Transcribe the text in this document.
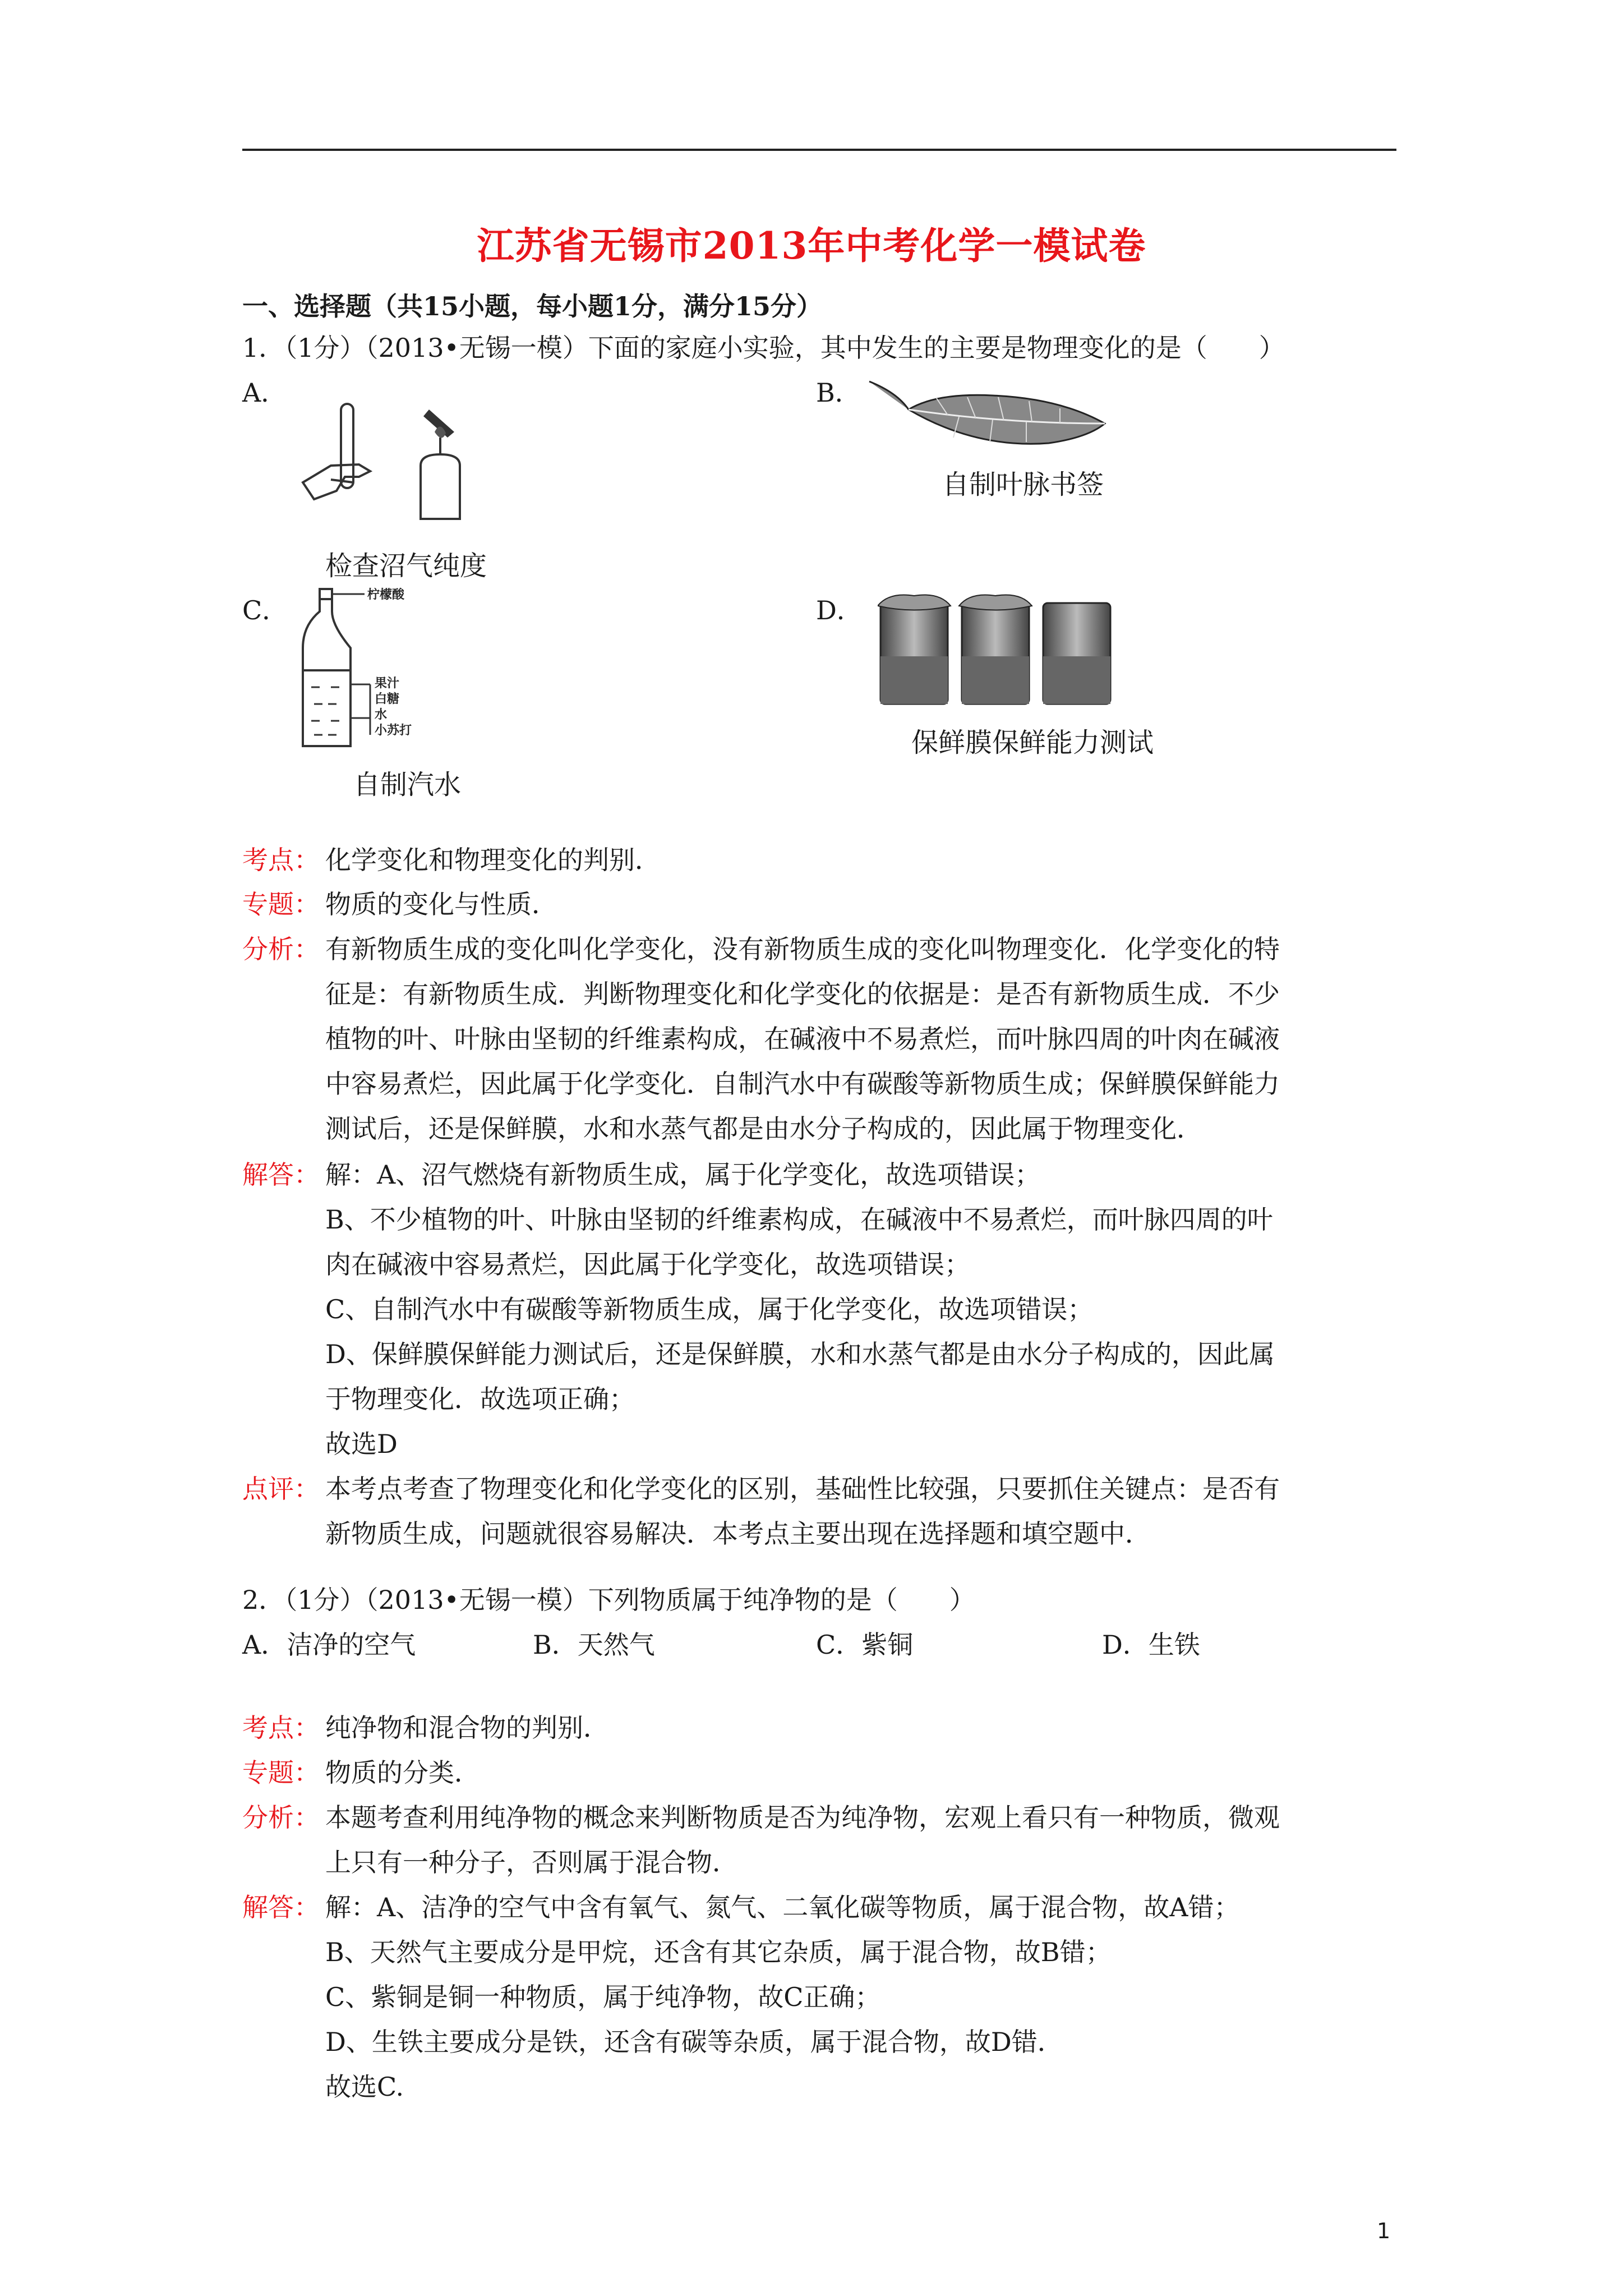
江苏省无锡市2013年中考化学一模试卷
一、选择题（共15小题，每小题1分，满分15分）
1．（1分）（2013•无锡一模）下面的家庭小实验，其中发生的主要是物理变化的是（　　）
A．	B．
检查沼气纯度
自制叶脉书签
C．	D．
柠檬酸
果汁
白糖
水
小苏打
自制汽水
保鲜膜保鲜能力测试
考点： 化学变化和物理变化的判别．
专题： 物质的变化与性质．
分析： 有新物质生成的变化叫化学变化，没有新物质生成的变化叫物理变化．化学变化的特
征是：有新物质生成．判断物理变化和化学变化的依据是：是否有新物质生成．不少
植物的叶、叶脉由坚韧的纤维素构成，在碱液中不易煮烂，而叶脉四周的叶肉在碱液
中容易煮烂，因此属于化学变化．自制汽水中有碳酸等新物质生成；保鲜膜保鲜能力
测试后，还是保鲜膜，水和水蒸气都是由水分子构成的，因此属于物理变化．
解答： 解：A、沼气燃烧有新物质生成，属于化学变化，故选项错误；
B、不少植物的叶、叶脉由坚韧的纤维素构成，在碱液中不易煮烂，而叶脉四周的叶
肉在碱液中容易煮烂，因此属于化学变化，故选项错误；
C、自制汽水中有碳酸等新物质生成，属于化学变化，故选项错误；
D、保鲜膜保鲜能力测试后，还是保鲜膜，水和水蒸气都是由水分子构成的，因此属
于物理变化．故选项正确；
故选D
点评： 本考点考查了物理变化和化学变化的区别，基础性比较强，只要抓住关键点：是否有
新物质生成，问题就很容易解决．本考点主要出现在选择题和填空题中．
2．（1分）（2013•无锡一模）下列物质属于纯净物的是（　　）
A．洁净的空气	B．天然气	C．紫铜	D．生铁
考点： 纯净物和混合物的判别．
专题： 物质的分类．
分析： 本题考查利用纯净物的概念来判断物质是否为纯净物，宏观上看只有一种物质，微观
上只有一种分子，否则属于混合物．
解答： 解：A、洁净的空气中含有氧气、氮气、二氧化碳等物质，属于混合物，故A错；
B、天然气主要成分是甲烷，还含有其它杂质，属于混合物，故B错；
C、紫铜是铜一种物质，属于纯净物，故C正确；
D、生铁主要成分是铁，还含有碳等杂质，属于混合物，故D错．
故选C.
1
